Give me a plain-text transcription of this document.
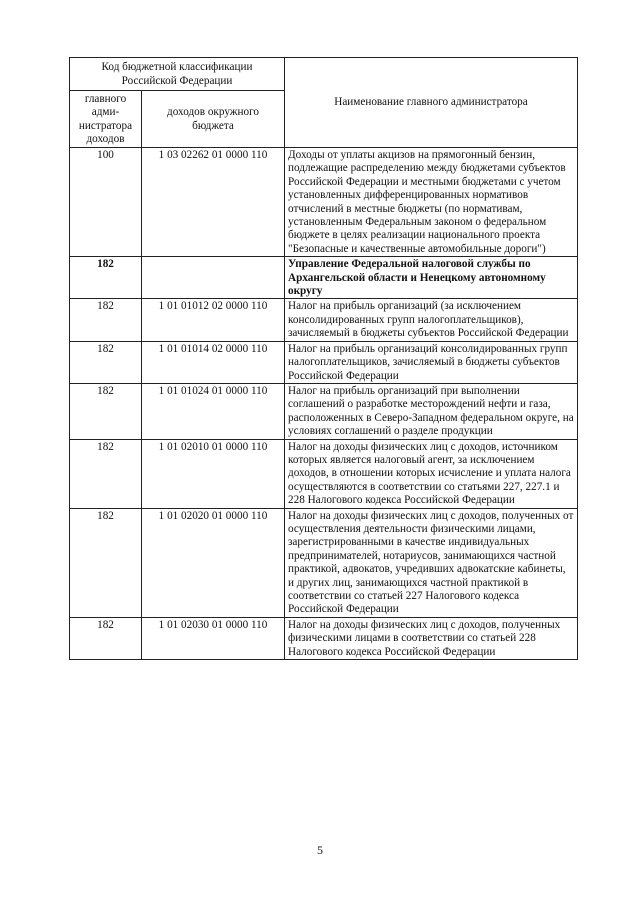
Код бюджетной классификации Российской Федерации		Наименование главного администратора
главного адми- нистратора доходов	доходов окружного бюджета	
100	1 03 02262 01 0000 110	Доходы от уплаты акцизов на прямогонный бензин, подлежащие распределению между бюджетами субъектов Российской Федерации и местными бюджетами с учетом установленных дифференцированных нормативов отчислений в местные бюджеты (по нормативам, установленным Федеральным законом о федеральном бюджете в целях реализации национального проекта "Безопасные и качественные автомобильные дороги")
182		Управление Федеральной налоговой службы по Архангельской области и Ненецкому автономному округу
182	1 01 01012 02 0000 110	Налог на прибыль организаций (за исключением консолидированных групп налогоплательщиков), зачисляемый в бюджеты субъектов Российской Федерации
182	1 01 01014 02 0000 110	Налог на прибыль организаций консолидированных групп налогоплательщиков, зачисляемый в бюджеты субъектов Российской Федерации
182	1 01 01024 01 0000 110	Налог на прибыль организаций при выполнении соглашений о разработке месторождений нефти и газа, расположенных в Северо-Западном федеральном округе, на условиях соглашений о разделе продукции
182	1 01 02010 01 0000 110	Налог на доходы физических лиц с доходов, источником которых является налоговый агент, за исключением доходов, в отношении которых исчисление и уплата налога осуществляются в соответствии со статьями 227, 227.1 и 228 Налогового кодекса Российской Федерации
182	1 01 02020 01 0000 110	Налог на доходы физических лиц с доходов, полученных от осуществления деятельности физическими лицами, зарегистрированными в качестве индивидуальных предпринимателей, нотариусов, занимающихся частной практикой, адвокатов, учредивших адвокатские кабинеты, и других лиц, занимающихся частной практикой в соответствии со статьей 227 Налогового кодекса Российской Федерации
182	1 01 02030 01 0000 110	Налог на доходы физических лиц с доходов, полученных физическими лицами в соответствии со статьей 228 Налогового кодекса Российской Федерации
5
